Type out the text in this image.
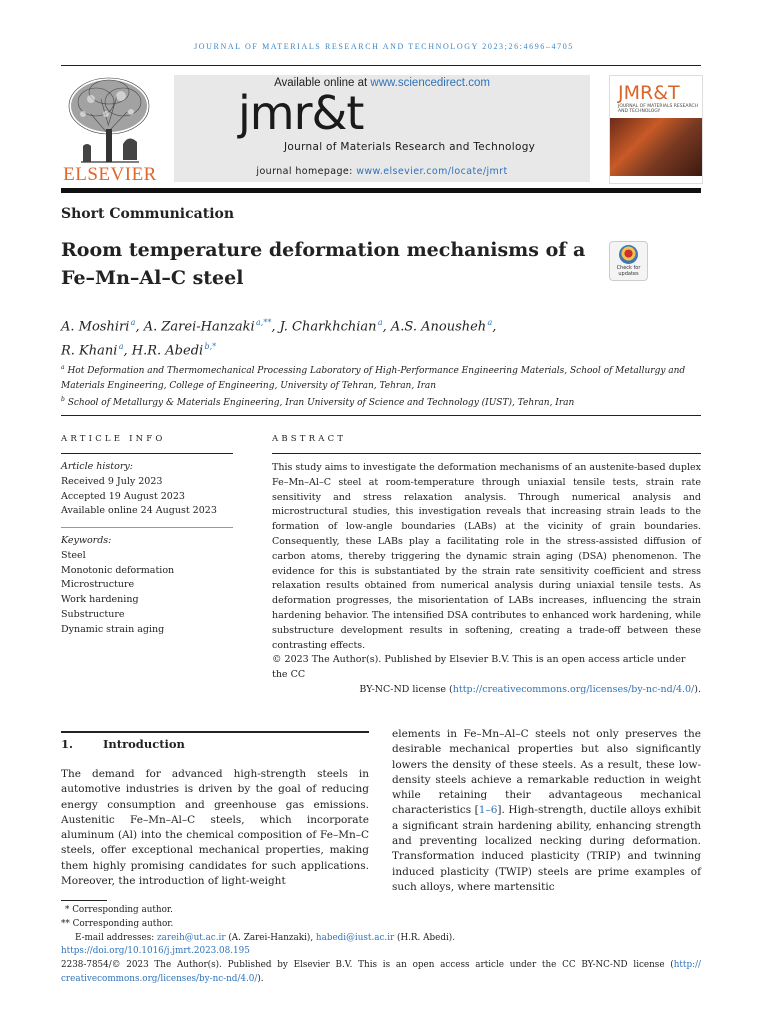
JOURNAL OF MATERIALS RESEARCH AND TECHNOLOGY 2023;26:4696–4705
ELSEVIER
Available online at www.sciencedirect.com
jmr&t
Journal of Materials Research and Technology
journal homepage: www.elsevier.com/locate/jmrt
JMR&T
JOURNAL OF MATERIALS RESEARCH AND TECHNOLOGY
Short Communication
Room temperature deformation mechanisms of a Fe–Mn–Al–C steel	Check for updates
A. Moshiri $^a$, A. Zarei-Hanzaki $^{a,**}$, J. Charkhchian $^a$, A.S. Anousheh $^a$,
R. Khani $^a$, H.R. Abedi $^{b,*}$
$^a$ Hot Deformation and Thermomechanical Processing Laboratory of High-Performance Engineering Materials, School of Metallurgy and Materials Engineering, College of Engineering, University of Tehran, Tehran, Iran
$^b$ School of Metallurgy & Materials Engineering, Iran University of Science and Technology (IUST), Tehran, Iran
ARTICLE INFO
Article history:
Received 9 July 2023
Accepted 19 August 2023
Available online 24 August 2023
Keywords:
Steel
Monotonic deformation
Microstructure
Work hardening
Substructure
Dynamic strain aging
ABSTRACT
This study aims to investigate the deformation mechanisms of an austenite-based duplex Fe–Mn–Al–C steel at room-temperature through uniaxial tensile tests, strain rate sensitivity and stress relaxation analysis. Through numerical analysis and microstructural studies, this investigation reveals that increasing strain leads to the formation of low-angle boundaries (LABs) at the vicinity of grain boundaries. Consequently, these LABs play a facilitating role in the stress-assisted diffusion of carbon atoms, thereby triggering the dynamic strain aging (DSA) phenomenon. The evidence for this is substantiated by the strain rate sensitivity coefficient and stress relaxation results obtained from numerical analysis during uniaxial tensile tests. As deformation progresses, the misorientation of LABs increases, influencing the strain hardening behavior. The intensified DSA contributes to enhanced work hardening, while substructure development results in softening, creating a trade-off between these contrasting effects.
© 2023 The Author(s). Published by Elsevier B.V. This is an open access article under the CC
BY-NC-ND license (http://creativecommons.org/licenses/by-nc-nd/4.0/).
1.	Introduction
The demand for advanced high-strength steels in automotive industries is driven by the goal of reducing energy consumption and greenhouse gas emissions. Austenitic Fe–Mn–Al–C steels, which incorporate aluminum (Al) into the chemical composition of Fe–Mn–C steels, offer exceptional mechanical properties, making them highly promising candidates for such applications. Moreover, the introduction of light-weight
elements in Fe–Mn–Al–C steels not only preserves the desirable mechanical properties but also significantly lowers the density of these steels. As a result, these low-density steels achieve a remarkable reduction in weight while retaining their advantageous mechanical characteristics [1–6]. High-strength, ductile alloys exhibit a significant strain hardening ability, enhancing strength and preventing localized necking during deformation. Transformation induced plasticity (TRIP) and twinning induced plasticity (TWIP) steels are prime examples of such alloys, where martensitic
* Corresponding author.
** Corresponding author.
E-mail addresses: zareih@ut.ac.ir (A. Zarei-Hanzaki), habedi@iust.ac.ir (H.R. Abedi).
https://doi.org/10.1016/j.jmrt.2023.08.195
2238-7854/© 2023 The Author(s). Published by Elsevier B.V. This is an open access article under the CC BY-NC-ND license (http:// creativecommons.org/licenses/by-nc-nd/4.0/).
